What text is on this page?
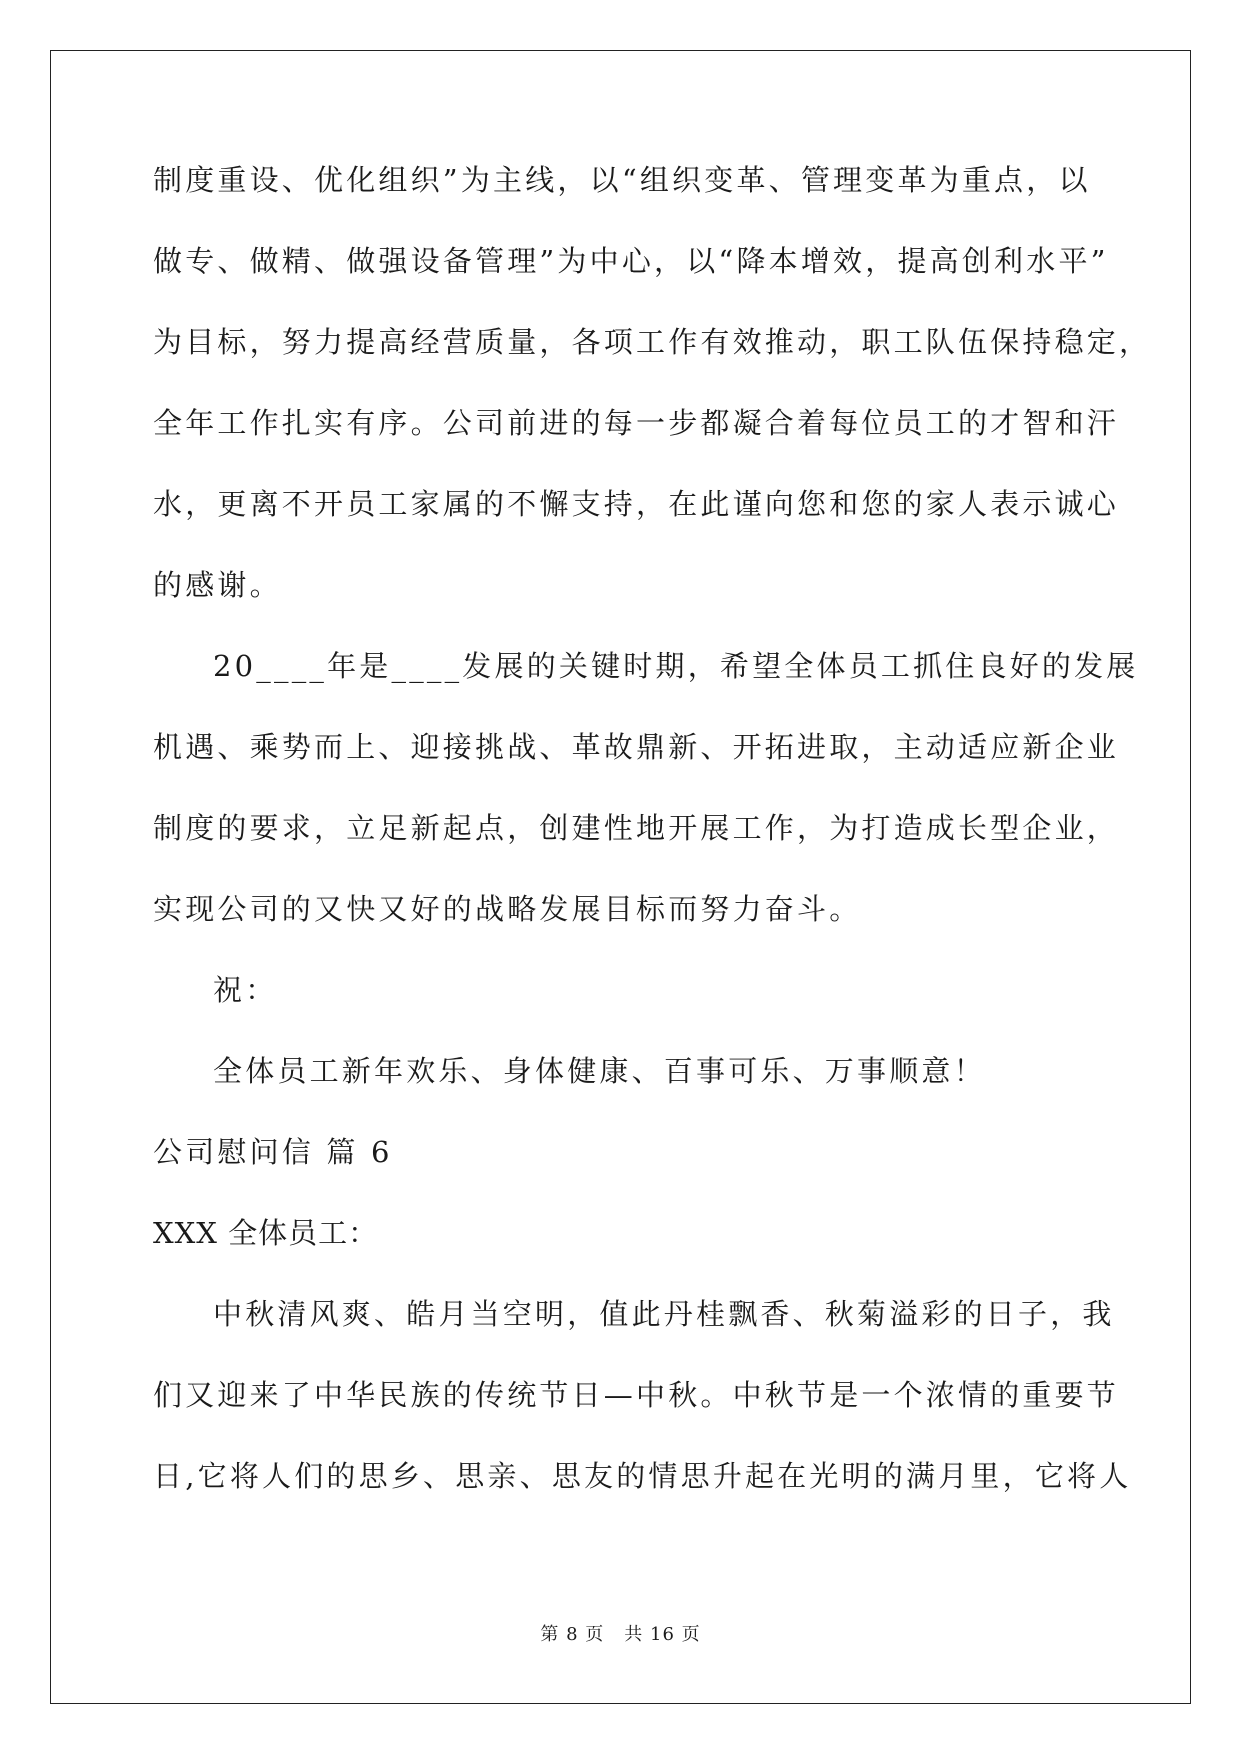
制度重设、优化组织”为主线，以“组织变革、管理变革为重点，以
做专、做精、做强设备管理”为中心，以“降本增效，提高创利水平”
为目标，努力提高经营质量，各项工作有效推动，职工队伍保持稳定，
全年工作扎实有序。公司前进的每一步都凝合着每位员工的才智和汗
水，更离不开员工家属的不懈支持，在此谨向您和您的家人表示诚心
的感谢。
20____年是____发展的关键时期，希望全体员工抓住良好的发展
机遇、乘势而上、迎接挑战、革故鼎新、开拓进取，主动适应新企业
制度的要求，立足新起点，创建性地开展工作，为打造成长型企业，
实现公司的又快又好的战略发展目标而努力奋斗。
祝：
全体员工新年欢乐、身体健康、百事可乐、万事顺意！
公司慰问信 篇 6
XXX 全体员工：
中秋清风爽、皓月当空明，值此丹桂飘香、秋菊溢彩的日子，我
们又迎来了中华民族的传统节日—中秋。中秋节是一个浓情的重要节
日,它将人们的思乡、思亲、思友的情思升起在光明的满月里，它将人
第 8 页 共 16 页
